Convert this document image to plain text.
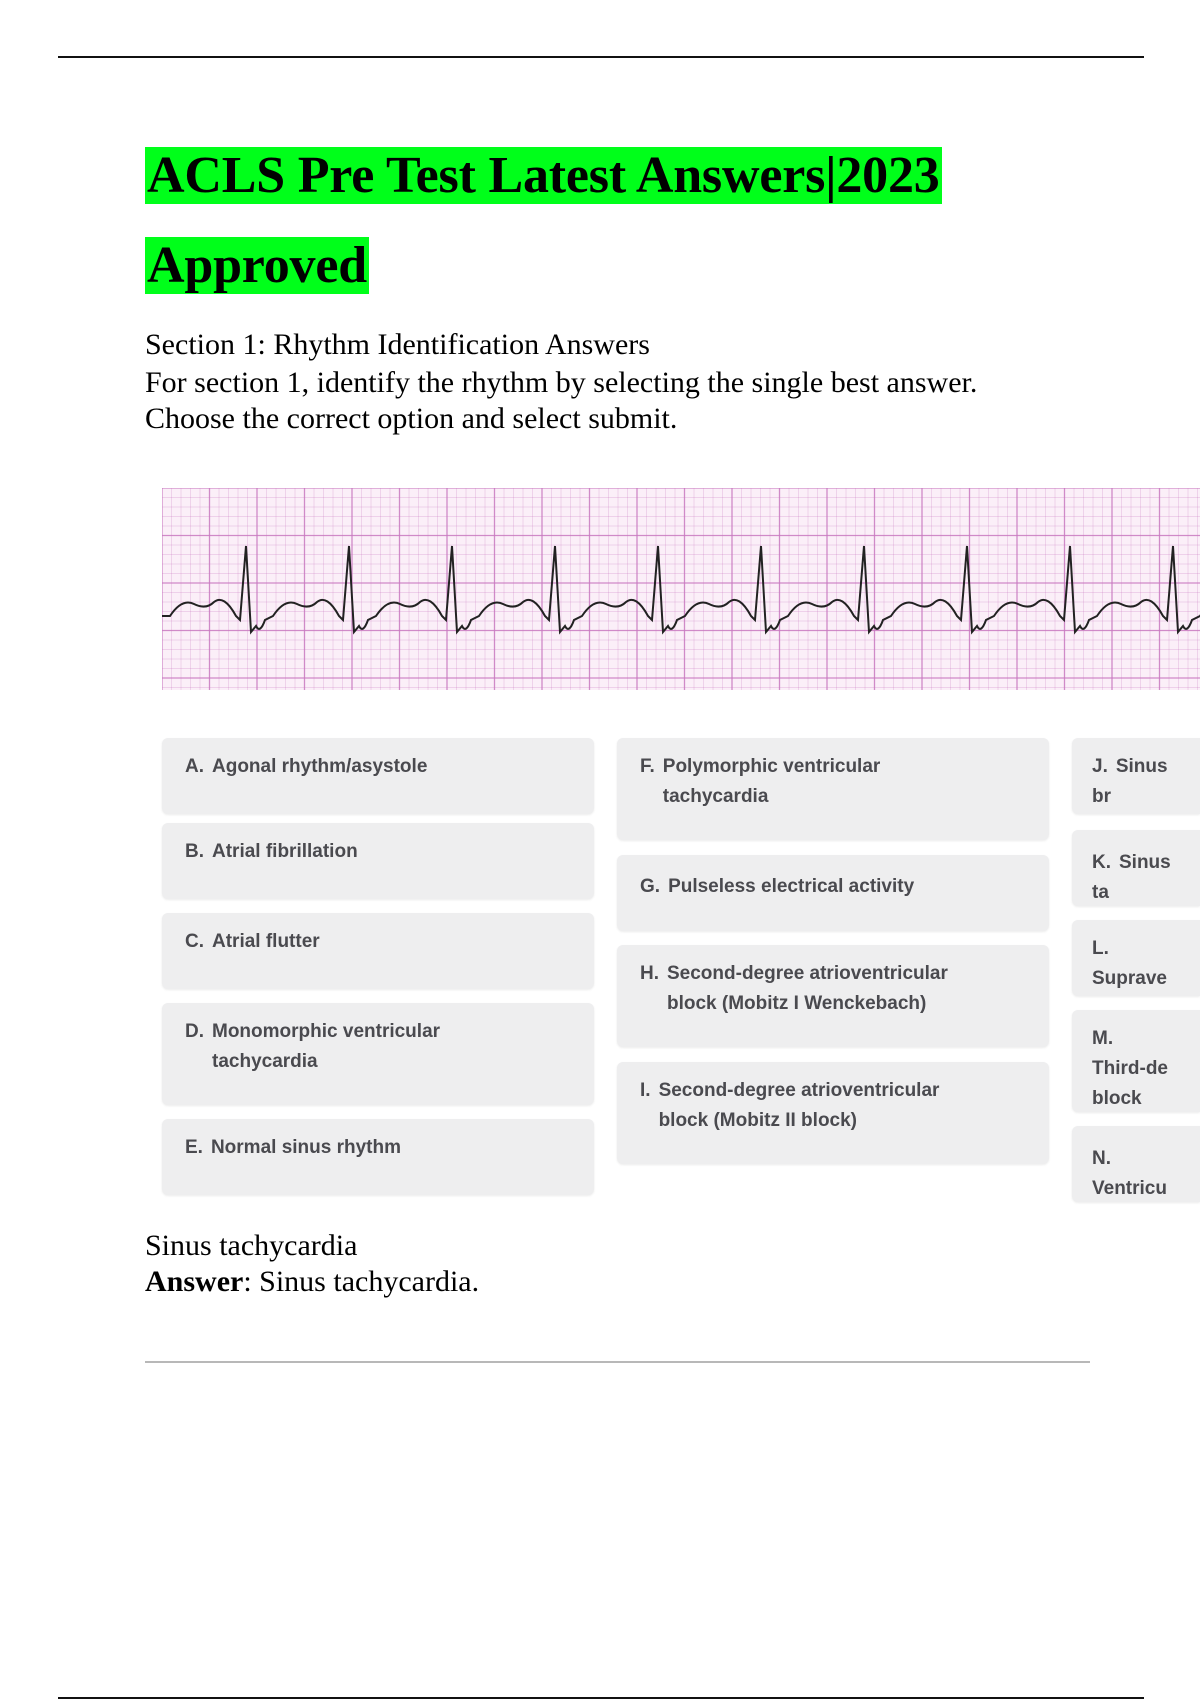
ACLS Pre Test Latest Answers|2023
Approved
Section 1: Rhythm Identification Answers
For section 1, identify the rhythm by selecting the single best answer.
Choose the correct option and select submit.
A. Agonal rhythm/asystole
B. Atrial fibrillation
C. Atrial flutter
D. Monomorphic ventricular
tachycardia
E. Normal sinus rhythm
F. Polymorphic ventricular
tachycardia
G. Pulseless electrical activity
H. Second-degree atrioventricular
block (Mobitz I Wenckebach)
I. Second-degree atrioventricular
block (Mobitz II block)
J. Sinus br
K. Sinus ta
L.Suprave
M.Third-de
block
N.Ventricu
Sinus tachycardia
Answer: Sinus tachycardia.
